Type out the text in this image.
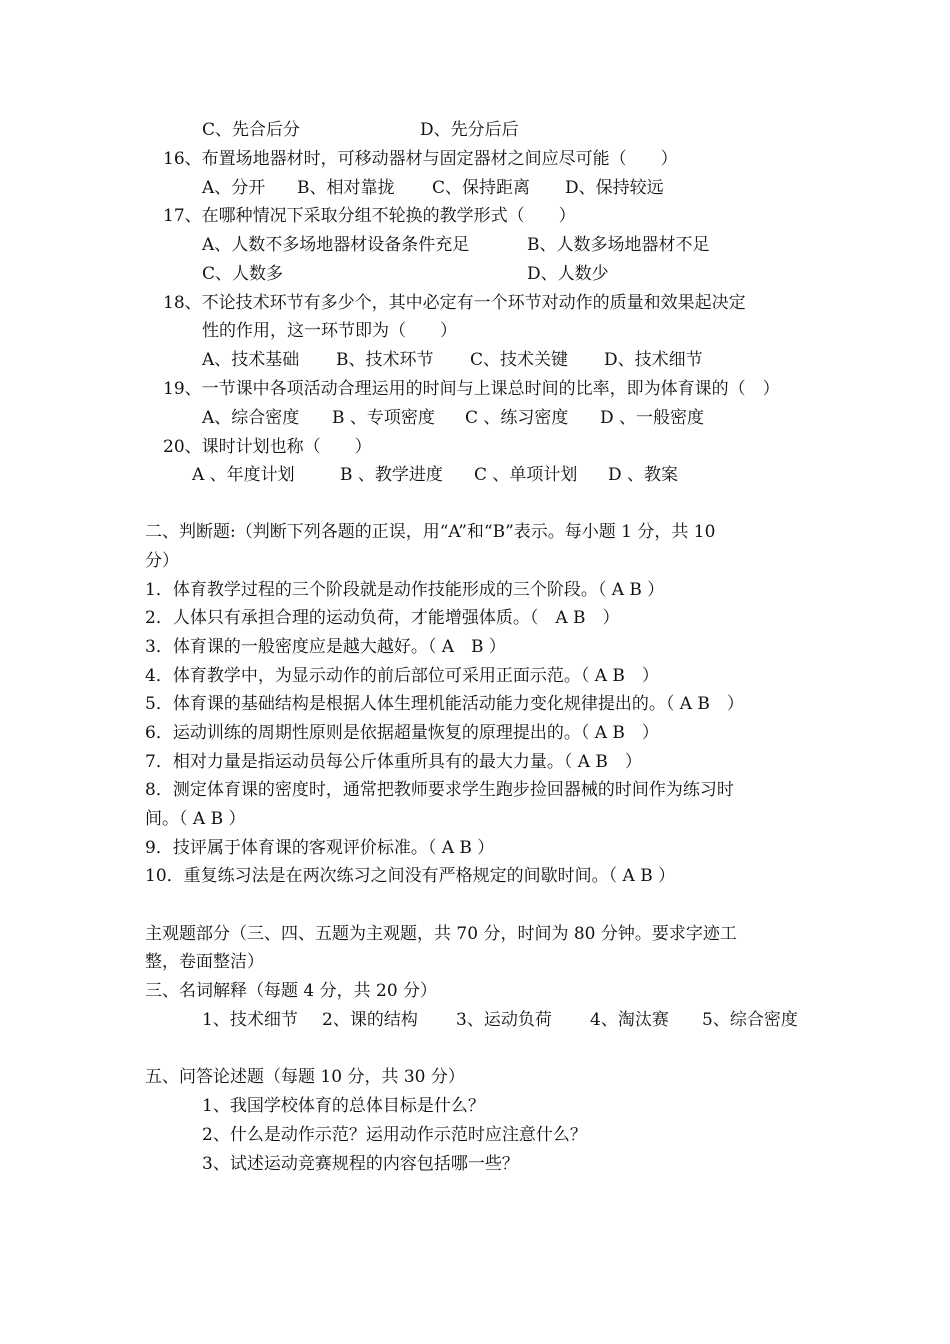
C、先合后分	D、先分后后
16、布置场地器材时，可移动器材与固定器材之间应尽可能（　　）
A、分开 B、相对靠拢 C、保持距离 D、保持较远
17、在哪种情况下采取分组不轮换的教学形式（　　）
A、人数不多场地器材设备条件充足	B、人数多场地器材不足
C、人数多	D、人数少
18、不论技术环节有多少个，其中必定有一个环节对动作的质量和效果起决定
性的作用，这一环节即为（　　）
A、技术基础 B、技术环节 C、技术关键 D、技术细节
19、一节课中各项活动合理运用的时间与上课总时间的比率，即为体育课的（　）
A、综合密度 B 、专项密度 C 、练习密度 D 、一般密度
20、课时计划也称（　　）
A 、年度计划	B 、教学进度 C 、单项计划 D 、教案
二、判断题:（判断下列各题的正误，用“A”和“B”表示。每小题 1 分，共 10
分）
1．体育教学过程的三个阶段就是动作技能形成的三个阶段。（ A B ）
2．人体只有承担合理的运动负荷，才能增强体质。（　A B　）
3．体育课的一般密度应是越大越好。（ A　B ）
4．体育教学中，为显示动作的前后部位可采用正面示范。（ A B　）
5．体育课的基础结构是根据人体生理机能活动能力变化规律提出的。（ A B　）
6．运动训练的周期性原则是依据超量恢复的原理提出的。（ A B　）
7．相对力量是指运动员每公斤体重所具有的最大力量。（ A B　）
8．测定体育课的密度时，通常把教师要求学生跑步捡回器械的时间作为练习时
间。（ A B ）
9．技评属于体育课的客观评价标准。（ A B ）
10．重复练习法是在两次练习之间没有严格规定的间歇时间。（ A B ）
主观题部分（三、四、五题为主观题，共 70 分，时间为 80 分钟。要求字迹工
整，卷面整洁）
三、名词解释（每题 4 分，共 20 分）
1、技术细节 2、课的结构 3、运动负荷 4、淘汰赛 5、综合密度
五、问答论述题（每题 10 分，共 30 分）
1、我国学校体育的总体目标是什么？
2、什么是动作示范？运用动作示范时应注意什么？
3、试述运动竞赛规程的内容包括哪一些？
